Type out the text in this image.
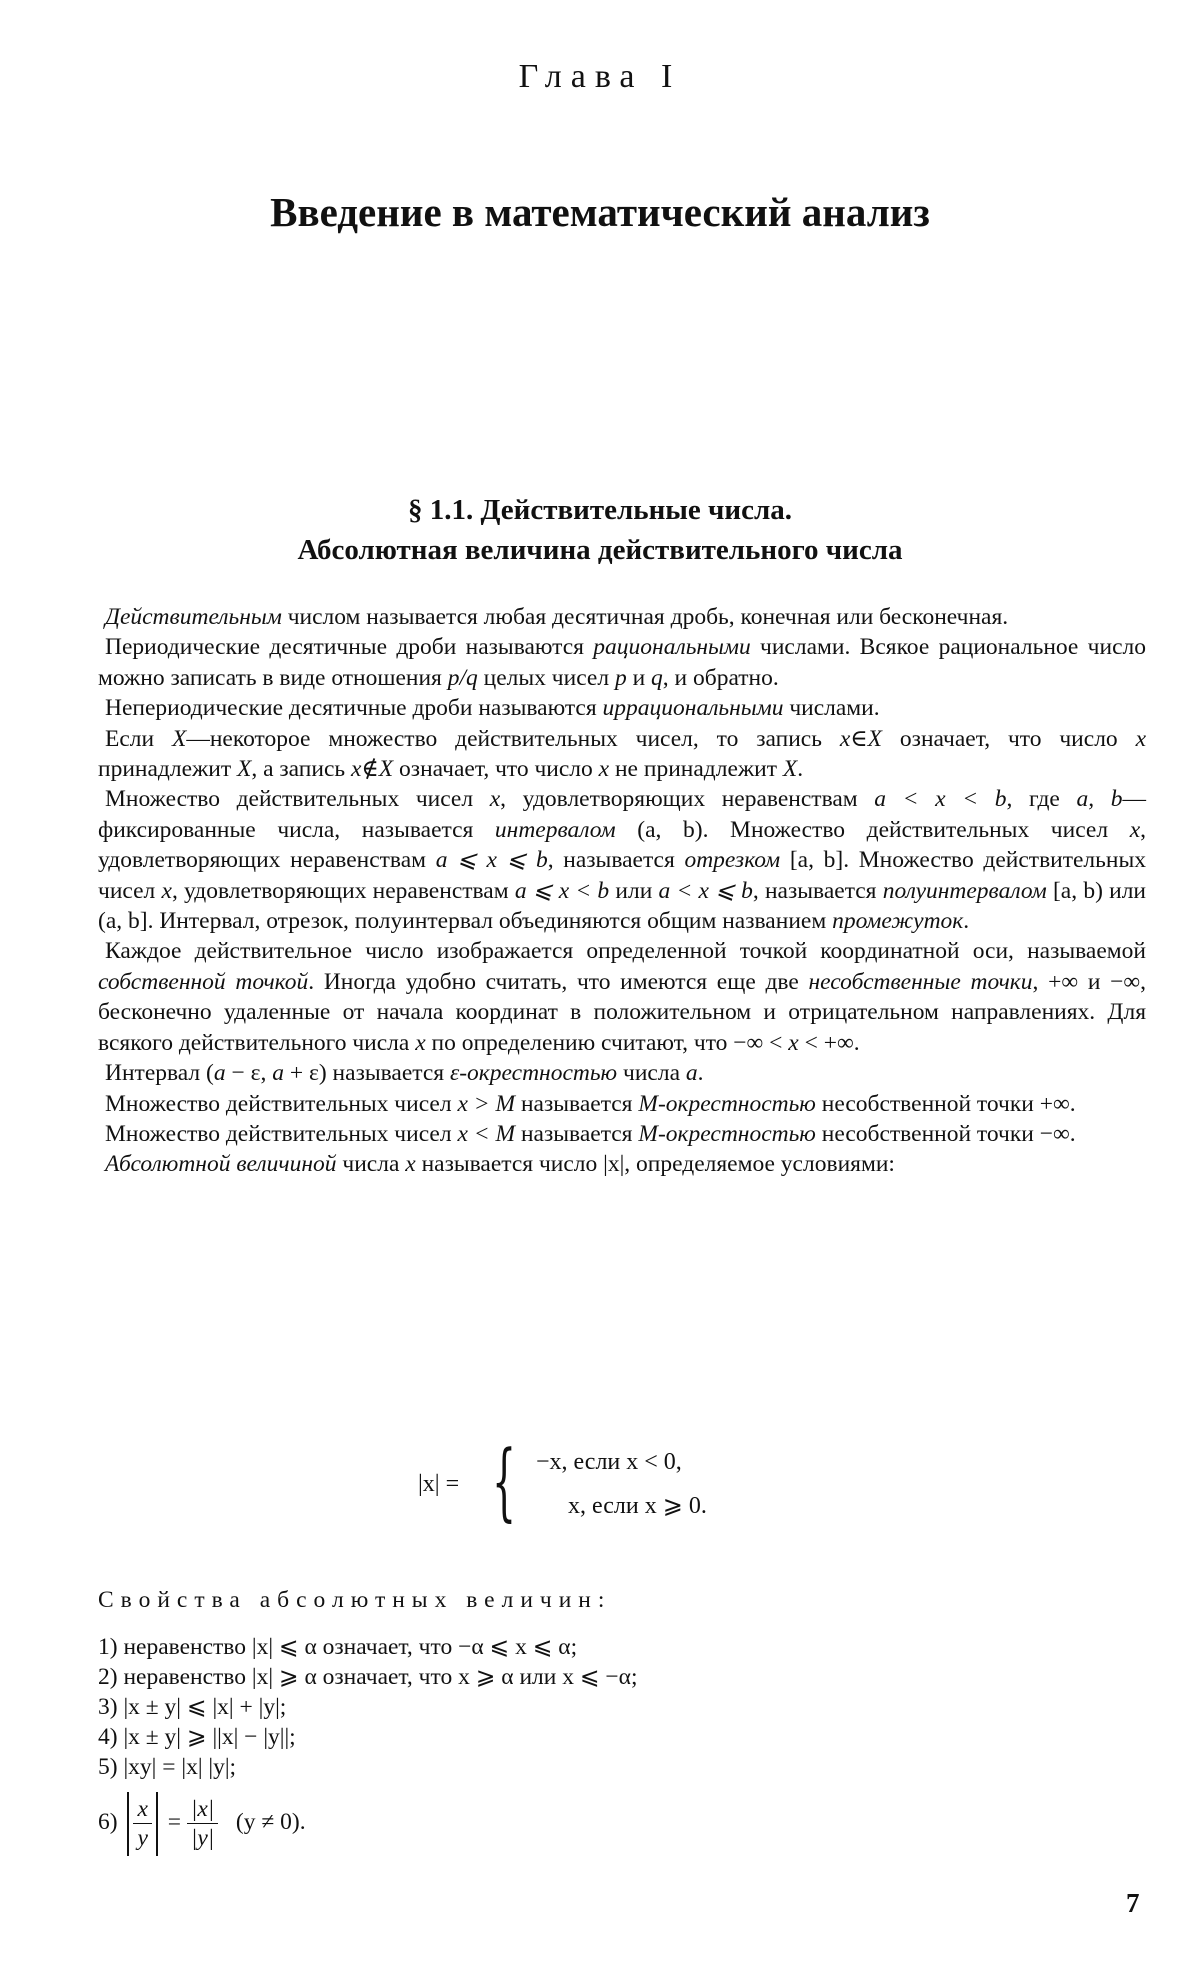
Глава I
Введение в математический анализ
§ 1.1. Действительные числа.
Абсолютная величина действительного числа

Действительным числом называется любая десятичная дробь, конечная или бесконечная.

Периодические десятичные дроби называются рациональными числами. Всякое рациональное число можно записать в виде отношения p/q целых чисел p и q, и обратно.

Непериодические десятичные дроби называются иррациональными числами.

Если X—некоторое множество действительных чисел, то запись x∈X означает, что число x принадлежит X, а запись x∉X означает, что число x не принадлежит X.

Множество действительных чисел x, удовлетворяющих неравенствам a < x < b, где a, b—фиксированные числа, называется интервалом (a, b). Множество действительных чисел x, удовлетворяющих неравенствам a ⩽ x ⩽ b, называется отрезком [a, b]. Множество действительных чисел x, удовлетворяющих неравенствам a ⩽ x < b или a < x ⩽ b, называется полуинтервалом [a, b) или (a, b]. Интервал, отрезок, полуинтервал объединяются общим названием промежуток.

Каждое действительное число изображается определенной точкой координатной оси, называемой собственной точкой. Иногда удобно считать, что имеются еще две несобственные точки, +∞ и −∞, бесконечно удаленные от начала координат в положительном и отрицательном направлениях. Для всякого действительного числа x по определению считают, что −∞ < x < +∞.

Интервал (a − ε, a + ε) называется ε-окрестностью числа a.

Множество действительных чисел x > M называется M-окрестностью несобственной точки +∞.

Множество действительных чисел x < M называется M-окрестностью несобственной точки −∞.

Абсолютной величиной числа x называется число |x|, определяемое условиями:

|x| = { −x, если x < 0,
x, если x ⩾ 0.
Свойства абсолютных величин:
1) неравенство |x| ⩽ α означает, что −α ⩽ x ⩽ α;
2) неравенство |x| ⩾ α означает, что x ⩾ α или x ⩽ −α;
3) |x ± y| ⩽ |x| + |y|;
4) |x ± y| ⩾ ||x| − |y||;
5) |xy| = |x| |y|;
$6) \frac{x}{y} = \frac{|x|}{|y|} (y \ne 0)$.
7
